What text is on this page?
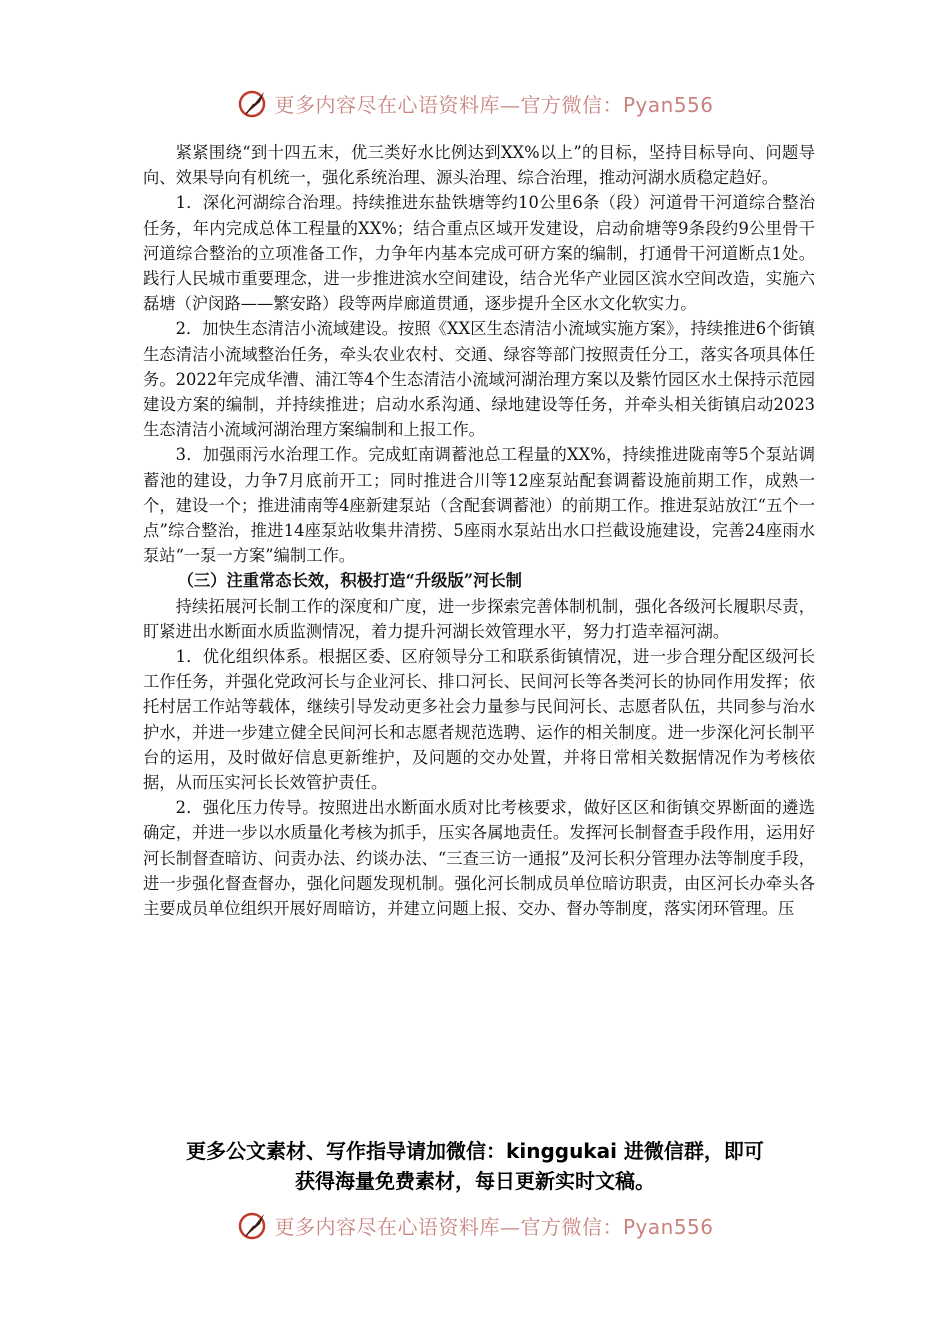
更多内容尽在心语资料库—官方微信：Pyan556

紧紧围绕“到十四五末，优三类好水比例达到XX%以上”的目标，坚持目标导向、问题导向、效果导向有机统一，强化系统治理、源头治理、综合治理，推动河湖水质稳定趋好。

1．深化河湖综合治理。持续推进东盐铁塘等约10公里6条（段）河道骨干河道综合整治任务，年内完成总体工程量的XX%；结合重点区域开发建设，启动俞塘等9条段约9公里骨干河道综合整治的立项准备工作，力争年内基本完成可研方案的编制，打通骨干河道断点1处。践行人民城市重要理念，进一步推进滨水空间建设，结合光华产业园区滨水空间改造，实施六磊塘（沪闵路——繁安路）段等两岸廊道贯通，逐步提升全区水文化软实力。

2．加快生态清洁小流域建设。按照《XX区生态清洁小流域实施方案》，持续推进6个街镇生态清洁小流域整治任务，牵头农业农村、交通、绿容等部门按照责任分工，落实各项具体任务。2022年完成华漕、浦江等4个生态清洁小流域河湖治理方案以及紫竹园区水土保持示范园建设方案的编制，并持续推进；启动水系沟通、绿地建设等任务，并牵头相关街镇启动2023生态清洁小流域河湖治理方案编制和上报工作。

3．加强雨污水治理工作。完成虹南调蓄池总工程量的XX%，持续推进陇南等5个泵站调蓄池的建设，力争7月底前开工；同时推进合川等12座泵站配套调蓄设施前期工作，成熟一个，建设一个；推进浦南等4座新建泵站（含配套调蓄池）的前期工作。推进泵站放江“五个一点”综合整治，推进14座泵站收集井清捞、5座雨水泵站出水口拦截设施建设，完善24座雨水泵站“一泵一方案”编制工作。

（三）注重常态长效，积极打造“升级版”河长制

持续拓展河长制工作的深度和广度，进一步探索完善体制机制，强化各级河长履职尽责，盯紧进出水断面水质监测情况，着力提升河湖长效管理水平，努力打造幸福河湖。

1．优化组织体系。根据区委、区府领导分工和联系街镇情况，进一步合理分配区级河长工作任务，并强化党政河长与企业河长、排口河长、民间河长等各类河长的协同作用发挥；依托村居工作站等载体，继续引导发动更多社会力量参与民间河长、志愿者队伍，共同参与治水护水，并进一步建立健全民间河长和志愿者规范选聘、运作的相关制度。进一步深化河长制平台的运用，及时做好信息更新维护，及问题的交办处置，并将日常相关数据情况作为考核依据，从而压实河长长效管护责任。

2．强化压力传导。按照进出水断面水质对比考核要求，做好区区和街镇交界断面的遴选确定，并进一步以水质量化考核为抓手，压实各属地责任。发挥河长制督查手段作用，运用好河长制督查暗访、问责办法、约谈办法、“三查三访一通报”及河长积分管理办法等制度手段，进一步强化督查督办，强化问题发现机制。强化河长制成员单位暗访职责，由区河长办牵头各主要成员单位组织开展好周暗访，并建立问题上报、交办、督办等制度，落实闭环管理。压

更多公文素材、写作指导请加微信：kinggukai 进微信群，即可
获得海量免费素材，每日更新实时文稿。
更多内容尽在心语资料库—官方微信：Pyan556
